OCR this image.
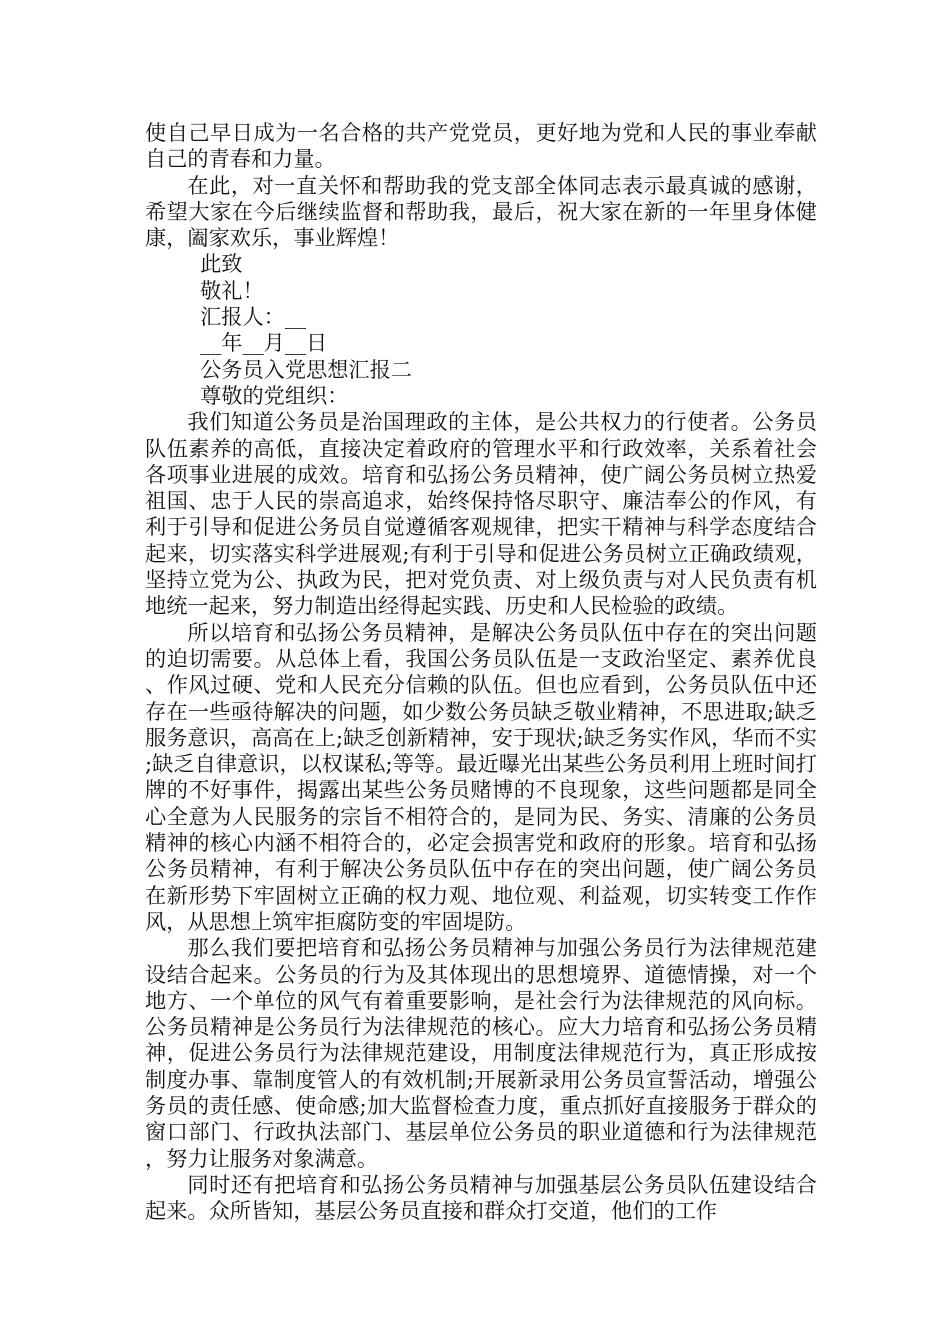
使自己早日成为一名合格的共产党党员，更好地为党和人民的事业奉献自己的青春和力量。

在此，对一直关怀和帮助我的党支部全体同志表示最真诚的感谢，希望大家在今后继续监督和帮助我，最后，祝大家在新的一年里身体健康，阖家欢乐，事业辉煌！

此致

敬礼！

汇报人：__

__年__月__日

公务员入党思想汇报二

尊敬的党组织：

我们知道公务员是治国理政的主体，是公共权力的行使者。公务员队伍素养的高低，直接决定着政府的管理水平和行政效率，关系着社会各项事业进展的成效。培育和弘扬公务员精神，使广阔公务员树立热爱祖国、忠于人民的崇高追求，始终保持恪尽职守、廉洁奉公的作风，有利于引导和促进公务员自觉遵循客观规律，把实干精神与科学态度结合起来，切实落实科学进展观;有利于引导和促进公务员树立正确政绩观，坚持立党为公、执政为民，把对党负责、对上级负责与对人民负责有机地统一起来，努力制造出经得起实践、历史和人民检验的政绩。

所以培育和弘扬公务员精神，是解决公务员队伍中存在的突出问题的迫切需要。从总体上看，我国公务员队伍是一支政治坚定、素养优良、作风过硬、党和人民充分信赖的队伍。但也应看到，公务员队伍中还存在一些亟待解决的问题，如少数公务员缺乏敬业精神，不思进取;缺乏服务意识，高高在上;缺乏创新精神，安于现状;缺乏务实作风，华而不实;缺乏自律意识，以权谋私;等等。最近曝光出某些公务员利用上班时间打牌的不好事件，揭露出某些公务员赌博的不良现象，这些问题都是同全心全意为人民服务的宗旨不相符合的，是同为民、务实、清廉的公务员精神的核心内涵不相符合的，必定会损害党和政府的形象。培育和弘扬公务员精神，有利于解决公务员队伍中存在的突出问题，使广阔公务员在新形势下牢固树立正确的权力观、地位观、利益观，切实转变工作作风，从思想上筑牢拒腐防变的牢固堤防。

那么我们要把培育和弘扬公务员精神与加强公务员行为法律规范建设结合起来。公务员的行为及其体现出的思想境界、道德情操，对一个地方、一个单位的风气有着重要影响，是社会行为法律规范的风向标。公务员精神是公务员行为法律规范的核心。应大力培育和弘扬公务员精神，促进公务员行为法律规范建设，用制度法律规范行为，真正形成按制度办事、靠制度管人的有效机制;开展新录用公务员宣誓活动，增强公务员的责任感、使命感;加大监督检查力度，重点抓好直接服务于群众的窗口部门、行政执法部门、基层单位公务员的职业道德和行为法律规范，努力让服务对象满意。

同时还有把培育和弘扬公务员精神与加强基层公务员队伍建设结合起来。众所皆知，基层公务员直接和群众打交道，他们的工作
